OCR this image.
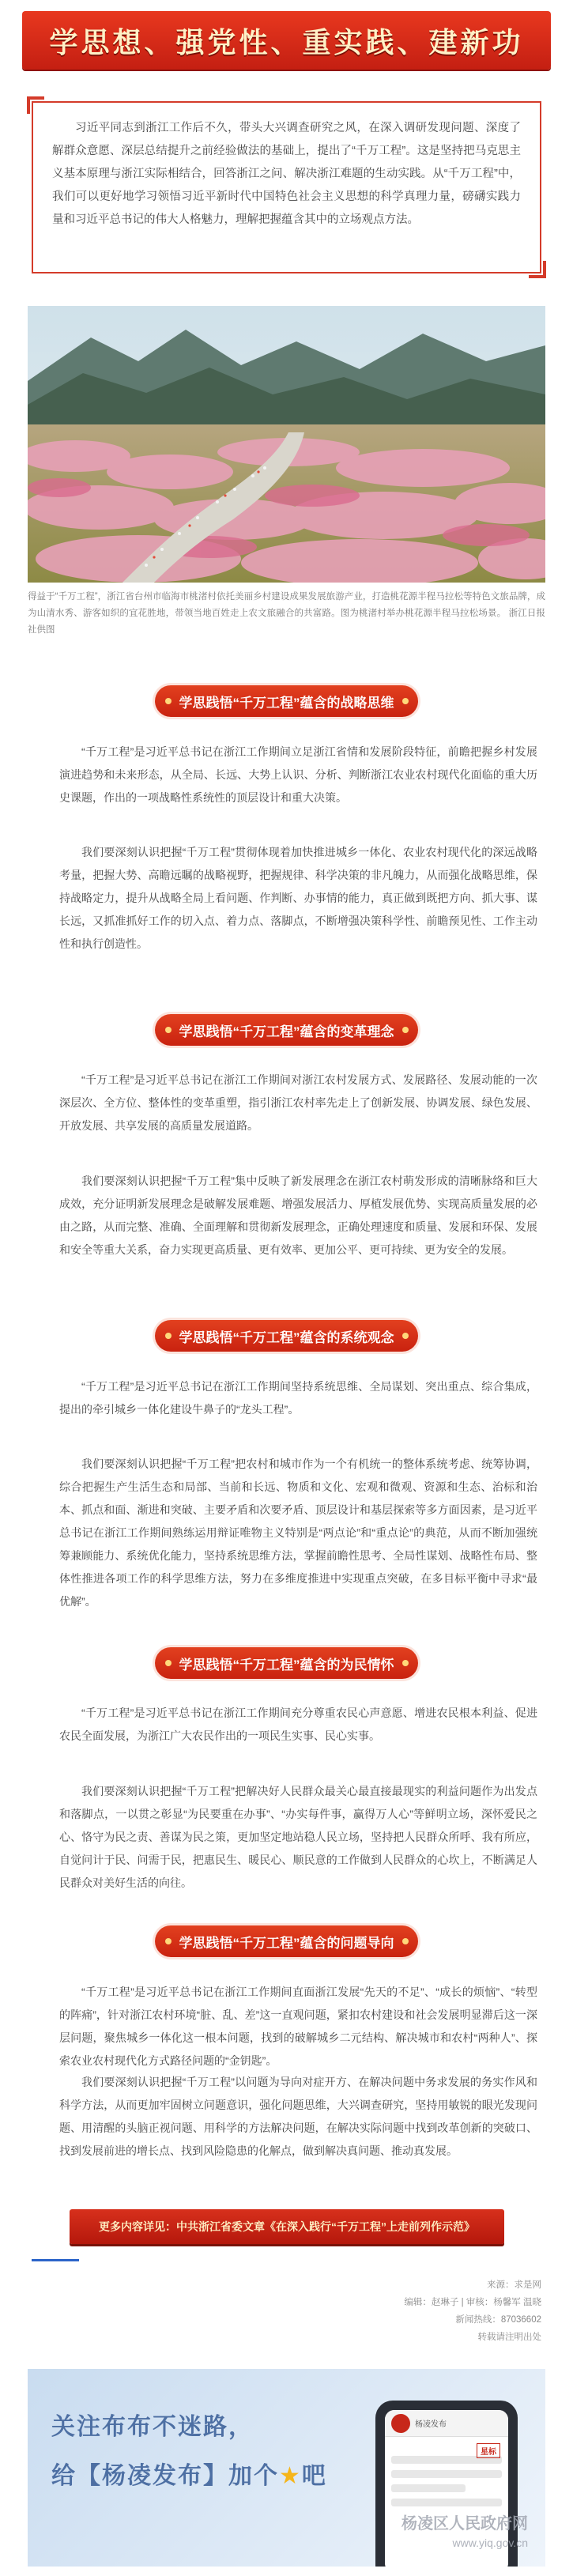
学思想、强党性、重实践、建新功

习近平同志到浙江工作后不久，带头大兴调查研究之风，在深入调研发现问题、深度了解群众意愿、深层总结提升之前经验做法的基础上，提出了“千万工程”。这是坚持把马克思主义基本原理与浙江实际相结合，回答浙江之问、解决浙江难题的生动实践。从“千万工程”中，我们可以更好地学习领悟习近平新时代中国特色社会主义思想的科学真理力量，磅礴实践力量和习近平总书记的伟大人格魅力，理解把握蕴含其中的立场观点方法。

得益于“千万工程”，浙江省台州市临海市桃渚村依托美丽乡村建设成果发展旅游产业，打造桃花源半程马拉松等特色文旅品牌，成为山清水秀、游客如织的宜花胜地，带领当地百姓走上农文旅融合的共富路。图为桃渚村举办桃花源半程马拉松场景。 浙江日报社供图
学思践悟“千万工程”蕴含的战略思维

“千万工程”是习近平总书记在浙江工作期间立足浙江省情和发展阶段特征，前瞻把握乡村发展演进趋势和未来形态，从全局、长远、大势上认识、分析、判断浙江农业农村现代化面临的重大历史课题，作出的一项战略性系统性的顶层设计和重大决策。

我们要深刻认识把握“千万工程”贯彻体现着加快推进城乡一体化、农业农村现代化的深远战略考量，把握大势、高瞻远瞩的战略视野，把握规律、科学决策的非凡魄力，从而强化战略思维，保持战略定力，提升从战略全局上看问题、作判断、办事情的能力，真正做到既把方向、抓大事、谋长远，又抓准抓好工作的切入点、着力点、落脚点，不断增强决策科学性、前瞻预见性、工作主动性和执行创造性。

学思践悟“千万工程”蕴含的变革理念

“千万工程”是习近平总书记在浙江工作期间对浙江农村发展方式、发展路径、发展动能的一次深层次、全方位、整体性的变革重塑，指引浙江农村率先走上了创新发展、协调发展、绿色发展、开放发展、共享发展的高质量发展道路。

我们要深刻认识把握“千万工程”集中反映了新发展理念在浙江农村萌发形成的清晰脉络和巨大成效，充分证明新发展理念是破解发展难题、增强发展活力、厚植发展优势、实现高质量发展的必由之路，从而完整、准确、全面理解和贯彻新发展理念，正确处理速度和质量、发展和环保、发展和安全等重大关系，奋力实现更高质量、更有效率、更加公平、更可持续、更为安全的发展。

学思践悟“千万工程”蕴含的系统观念

“千万工程”是习近平总书记在浙江工作期间坚持系统思维、全局谋划、突出重点、综合集成，提出的牵引城乡一体化建设牛鼻子的“龙头工程”。

我们要深刻认识把握“千万工程”把农村和城市作为一个有机统一的整体系统考虑、统筹协调，综合把握生产生活生态和局部、当前和长远、物质和文化、宏观和微观、资源和生态、治标和治本、抓点和面、渐进和突破、主要矛盾和次要矛盾、顶层设计和基层探索等多方面因素，是习近平总书记在浙江工作期间熟练运用辩证唯物主义特别是“两点论”和“重点论”的典范，从而不断加强统筹兼顾能力、系统优化能力，坚持系统思维方法，掌握前瞻性思考、全局性谋划、战略性布局、整体性推进各项工作的科学思维方法，努力在多维度推进中实现重点突破，在多目标平衡中寻求“最优解”。

学思践悟“千万工程”蕴含的为民情怀

“千万工程”是习近平总书记在浙江工作期间充分尊重农民心声意愿、增进农民根本利益、促进农民全面发展，为浙江广大农民作出的一项民生实事、民心实事。

我们要深刻认识把握“千万工程”把解决好人民群众最关心最直接最现实的利益问题作为出发点和落脚点，一以贯之彰显“为民要重在办事”、“办实每件事，赢得万人心”等鲜明立场，深怀爱民之心、恪守为民之责、善谋为民之策，更加坚定地站稳人民立场，坚持把人民群众所呼、我有所应，自觉问计于民、问需于民，把惠民生、暖民心、顺民意的工作做到人民群众的心坎上，不断满足人民群众对美好生活的向往。

学思践悟“千万工程”蕴含的问题导向

“千万工程”是习近平总书记在浙江工作期间直面浙江发展“先天的不足”、“成长的烦恼”、“转型的阵痛”，针对浙江农村环境“脏、乱、差”这一直观问题，紧扣农村建设和社会发展明显滞后这一深层问题，聚焦城乡一体化这一根本问题，找到的破解城乡二元结构、解决城市和农村“两种人”、探索农业农村现代化方式路径问题的“金钥匙”。

我们要深刻认识把握“千万工程”以问题为导向对症开方、在解决问题中务求发展的务实作风和科学方法，从而更加牢固树立问题意识，强化问题思维，大兴调查研究，坚持用敏锐的眼光发现问题、用清醒的头脑正视问题、用科学的方法解决问题，在解决实际问题中找到改革创新的突破口、找到发展前进的增长点、找到风险隐患的化解点，做到解决真问题、推动真发展。

更多内容详见：中共浙江省委文章《在深入践行“千万工程”上走前列作示范》
来源：求是网
编辑：赵琳子 | 审核：杨馨军 温晓
新闻热线：87036602
转载请注明出处
关注布布不迷路，
给【杨凌发布】加个★吧
杨凌发布
星标
杨凌区人民政府网
www.yiq.gov.cn
